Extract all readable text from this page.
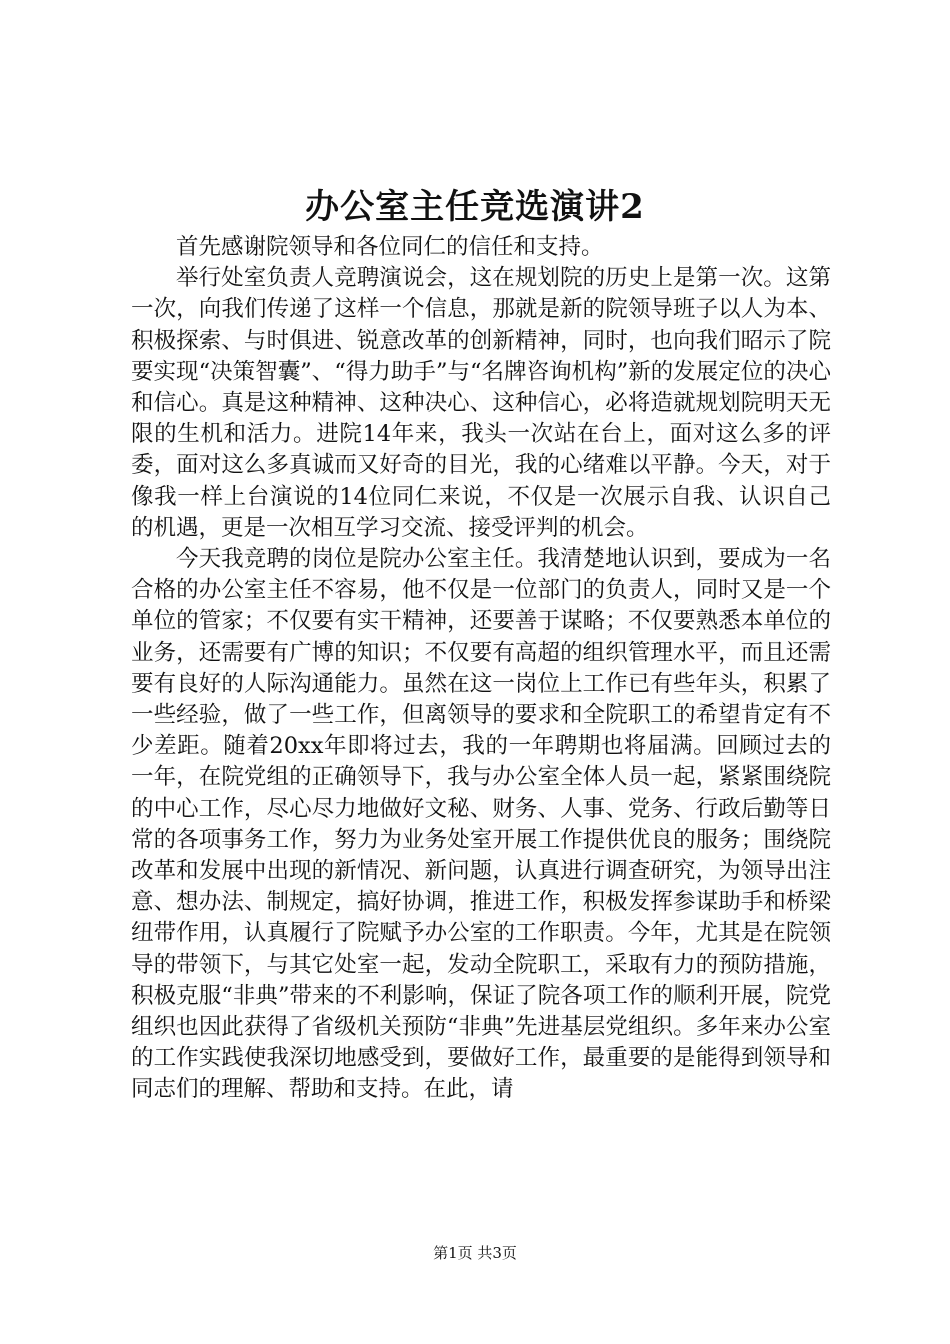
办公室主任竞选演讲2

首先感谢院领导和各位同仁的信任和支持。

举行处室负责人竞聘演说会，这在规划院的历史上是第一次。这第一次，向我们传递了这样一个信息，那就是新的院领导班子以人为本、积极探索、与时俱进、锐意改革的创新精神，同时，也向我们昭示了院要实现“决策智囊”、“得力助手”与“名牌咨询机构”新的发展定位的决心和信心。真是这种精神、这种决心、这种信心，必将造就规划院明天无限的生机和活力。进院14年来，我头一次站在台上，面对这么多的评委，面对这么多真诚而又好奇的目光，我的心绪难以平静。今天，对于像我一样上台演说的14位同仁来说，不仅是一次展示自我、认识自己的机遇，更是一次相互学习交流、接受评判的机会。

今天我竞聘的岗位是院办公室主任。我清楚地认识到，要成为一名合格的办公室主任不容易，他不仅是一位部门的负责人，同时又是一个单位的管家；不仅要有实干精神，还要善于谋略；不仅要熟悉本单位的业务，还需要有广博的知识；不仅要有高超的组织管理水平，而且还需要有良好的人际沟通能力。虽然在这一岗位上工作已有些年头，积累了一些经验，做了一些工作，但离领导的要求和全院职工的希望肯定有不少差距。随着20xx年即将过去，我的一年聘期也将届满。回顾过去的一年，在院党组的正确领导下，我与办公室全体人员一起，紧紧围绕院的中心工作，尽心尽力地做好文秘、财务、人事、党务、行政后勤等日常的各项事务工作，努力为业务处室开展工作提供优良的服务；围绕院改革和发展中出现的新情况、新问题，认真进行调查研究，为领导出注意、想办法、制规定，搞好协调，推进工作，积极发挥参谋助手和桥梁纽带作用，认真履行了院赋予办公室的工作职责。今年，尤其是在院领导的带领下，与其它处室一起，发动全院职工，采取有力的预防措施，积极克服“非典”带来的不利影响，保证了院各项工作的顺利开展，院党组织也因此获得了省级机关预防“非典”先进基层党组织。多年来办公室的工作实践使我深切地感受到，要做好工作，最重要的是能得到领导和同志们的理解、帮助和支持。在此，请

第1页 共3页
